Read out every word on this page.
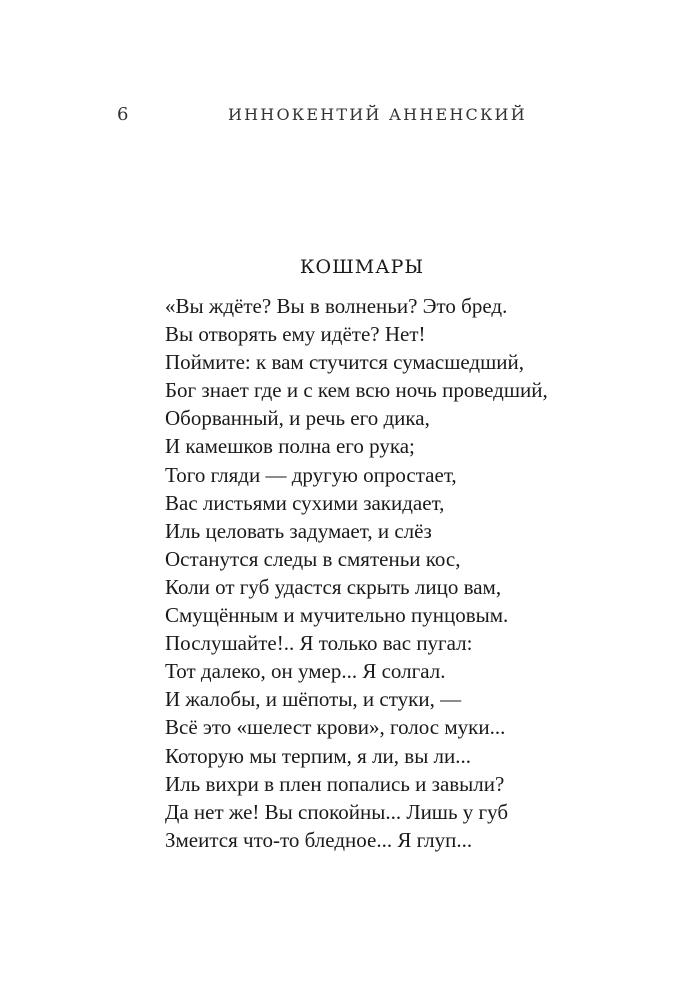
6	ИННОКЕНТИЙ АННЕНСКИЙ
КОШМАРЫ
«Вы ждёте? Вы в волненьи? Это бред.
Вы отворять ему идёте? Нет!
Поймите: к вам стучится сумасшедший,
Бог знает где и с кем всю ночь проведший,
Оборванный, и речь его дика,
И камешков полна его рука;
Того гляди — другую опростает,
Вас листьями сухими закидает,
Иль целовать задумает, и слёз
Останутся следы в смятеньи кос,
Коли от губ удастся скрыть лицо вам,
Смущённым и мучительно пунцовым.
Послушайте!.. Я только вас пугал:
Тот далеко, он умер... Я солгал.
И жалобы, и шёпоты, и стуки, —
Всё это «шелест крови», голос муки...
Которую мы терпим, я ли, вы ли...
Иль вихри в плен попались и завыли?
Да нет же! Вы спокойны... Лишь у губ
Змеится что-то бледное... Я глуп...
